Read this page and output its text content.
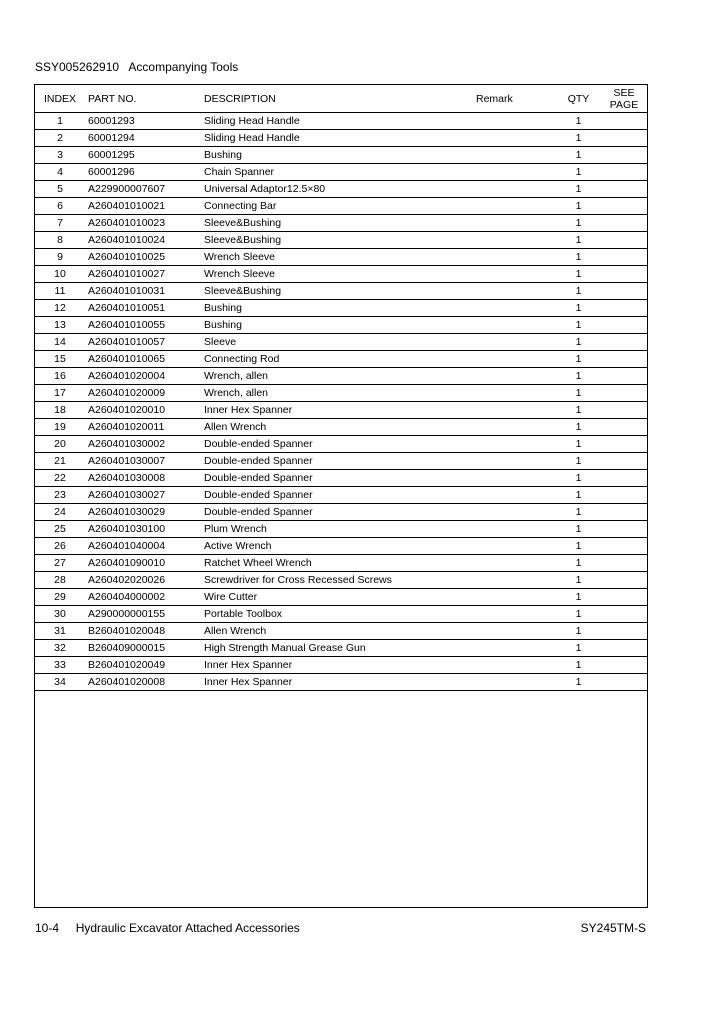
SSY005262910 Accompanying Tools
INDEX	PART NO.	DESCRIPTION	Remark	QTY	SEE
PAGE
1	60001293	Sliding Head Handle		1	
2	60001294	Sliding Head Handle		1	
3	60001295	Bushing		1	
4	60001296	Chain Spanner		1	
5	A229900007607	Universal Adaptor12.5×80		1	
6	A260401010021	Connecting Bar		1	
7	A260401010023	Sleeve&Bushing		1	
8	A260401010024	Sleeve&Bushing		1	
9	A260401010025	Wrench Sleeve		1	
10	A260401010027	Wrench Sleeve		1	
11	A260401010031	Sleeve&Bushing		1	
12	A260401010051	Bushing		1	
13	A260401010055	Bushing		1	
14	A260401010057	Sleeve		1	
15	A260401010065	Connecting Rod		1	
16	A260401020004	Wrench, allen		1	
17	A260401020009	Wrench, allen		1	
18	A260401020010	Inner Hex Spanner		1	
19	A260401020011	Allen Wrench		1	
20	A260401030002	Double-ended Spanner		1	
21	A260401030007	Double-ended Spanner		1	
22	A260401030008	Double-ended Spanner		1	
23	A260401030027	Double-ended Spanner		1	
24	A260401030029	Double-ended Spanner		1	
25	A260401030100	Plum Wrench		1	
26	A260401040004	Active Wrench		1	
27	A260401090010	Ratchet Wheel Wrench		1	
28	A260402020026	Screwdriver for Cross Recessed Screws		1	
29	A260404000002	Wire Cutter		1	
30	A290000000155	Portable Toolbox		1	
31	B260401020048	Allen Wrench		1	
32	B260409000015	High Strength Manual Grease Gun		1	
33	B260401020049	Inner Hex Spanner		1	
34	A260401020008	Inner Hex Spanner		1	
10-4 Hydraulic Excavator Attached Accessories	SY245TM-S
